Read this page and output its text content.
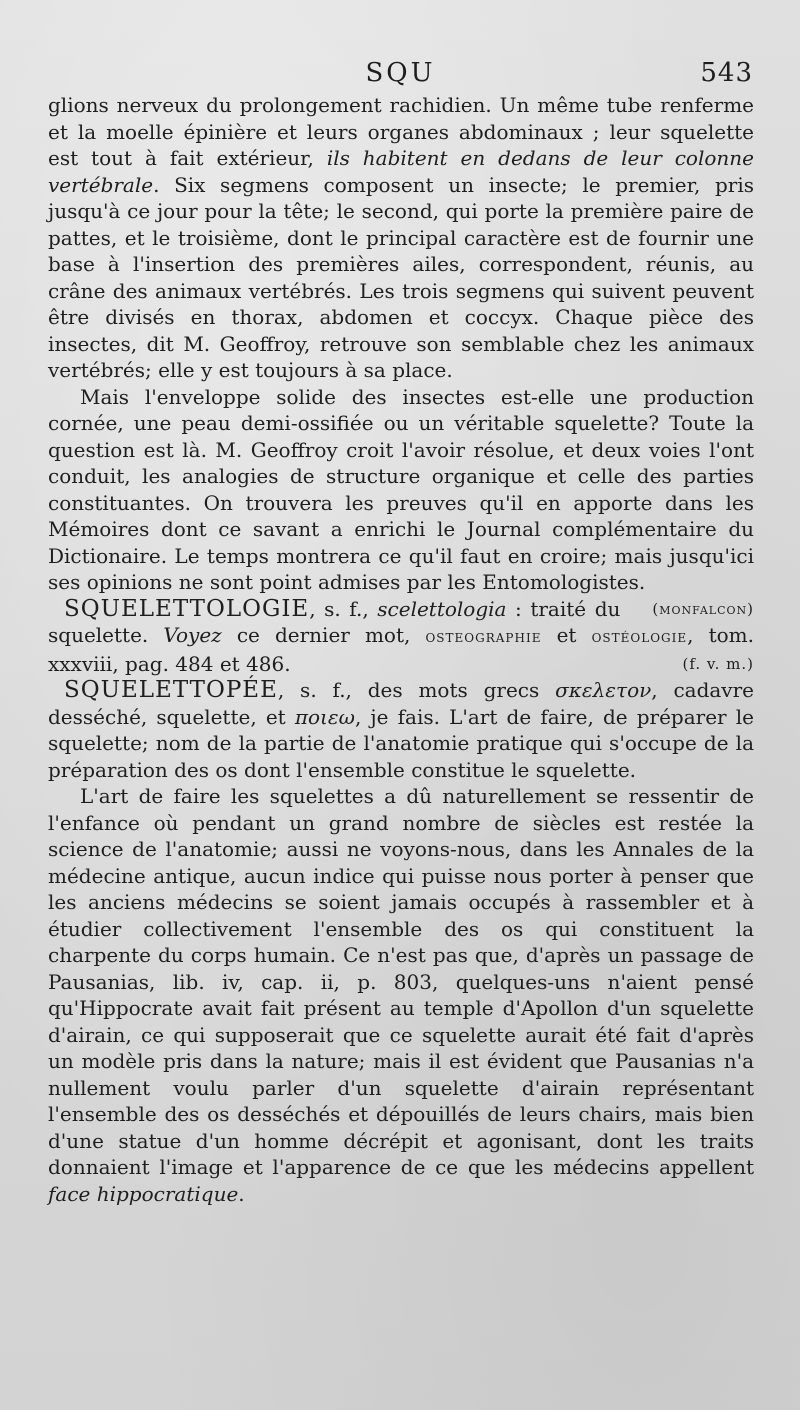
SQU	543

glions nerveux du prolongement rachidien. Un même tube renferme et la moelle épinière et leurs organes abdominaux ; leur squelette est tout à fait extérieur, ils habitent en dedans de leur colonne vertébrale. Six segmens composent un insecte; le premier, pris jusqu'à ce jour pour la tête; le second, qui porte la première paire de pattes, et le troisième, dont le principal caractère est de fournir une base à l'insertion des premières ailes, correspondent, réunis, au crâne des animaux vertébrés. Les trois segmens qui suivent peuvent être divisés en thorax, abdomen et coccyx. Chaque pièce des insectes, dit M. Geoffroy, retrouve son semblable chez les animaux vertébrés; elle y est toujours à sa place.

Mais l'enveloppe solide des insectes est-elle une production cornée, une peau demi-ossifiée ou un véritable squelette? Toute la question est là. M. Geoffroy croit l'avoir résolue, et deux voies l'ont conduit, les analogies de structure organique et celle des parties constituantes. On trouvera les preuves qu'il en apporte dans les Mémoires dont ce savant a enrichi le Journal complémentaire du Dictionaire. Le temps montrera ce qu'il faut en croire; mais jusqu'ici ses opinions ne sont point admises par les Entomologistes.
(monfalcon)

SQUELETTOLOGIE, s. f., scelettologia : traité du squelette. Voyez ce dernier mot, osteographie et ostéologie, tom. xxxviii, pag. 484 et 486.	(f. v. m.)

SQUELETTOPÉE, s. f., des mots grecs σκελετον, cadavre desséché, squelette, et ποιεω, je fais. L'art de faire, de préparer le squelette; nom de la partie de l'anatomie pratique qui s'occupe de la préparation des os dont l'ensemble constitue le squelette.

L'art de faire les squelettes a dû naturellement se ressentir de l'enfance où pendant un grand nombre de siècles est restée la science de l'anatomie; aussi ne voyons-nous, dans les Annales de la médecine antique, aucun indice qui puisse nous porter à penser que les anciens médecins se soient jamais occupés à rassembler et à étudier collectivement l'ensemble des os qui constituent la charpente du corps humain. Ce n'est pas que, d'après un passage de Pausanias, lib. iv, cap. ii, p. 803, quelques-uns n'aient pensé qu'Hippocrate avait fait présent au temple d'Apollon d'un squelette d'airain, ce qui supposerait que ce squelette aurait été fait d'après un modèle pris dans la nature; mais il est évident que Pausanias n'a nullement voulu parler d'un squelette d'airain représentant l'ensemble des os desséchés et dépouillés de leurs chairs, mais bien d'une statue d'un homme décrépit et agonisant, dont les traits donnaient l'image et l'apparence de ce que les médecins appellent face hippocratique.
